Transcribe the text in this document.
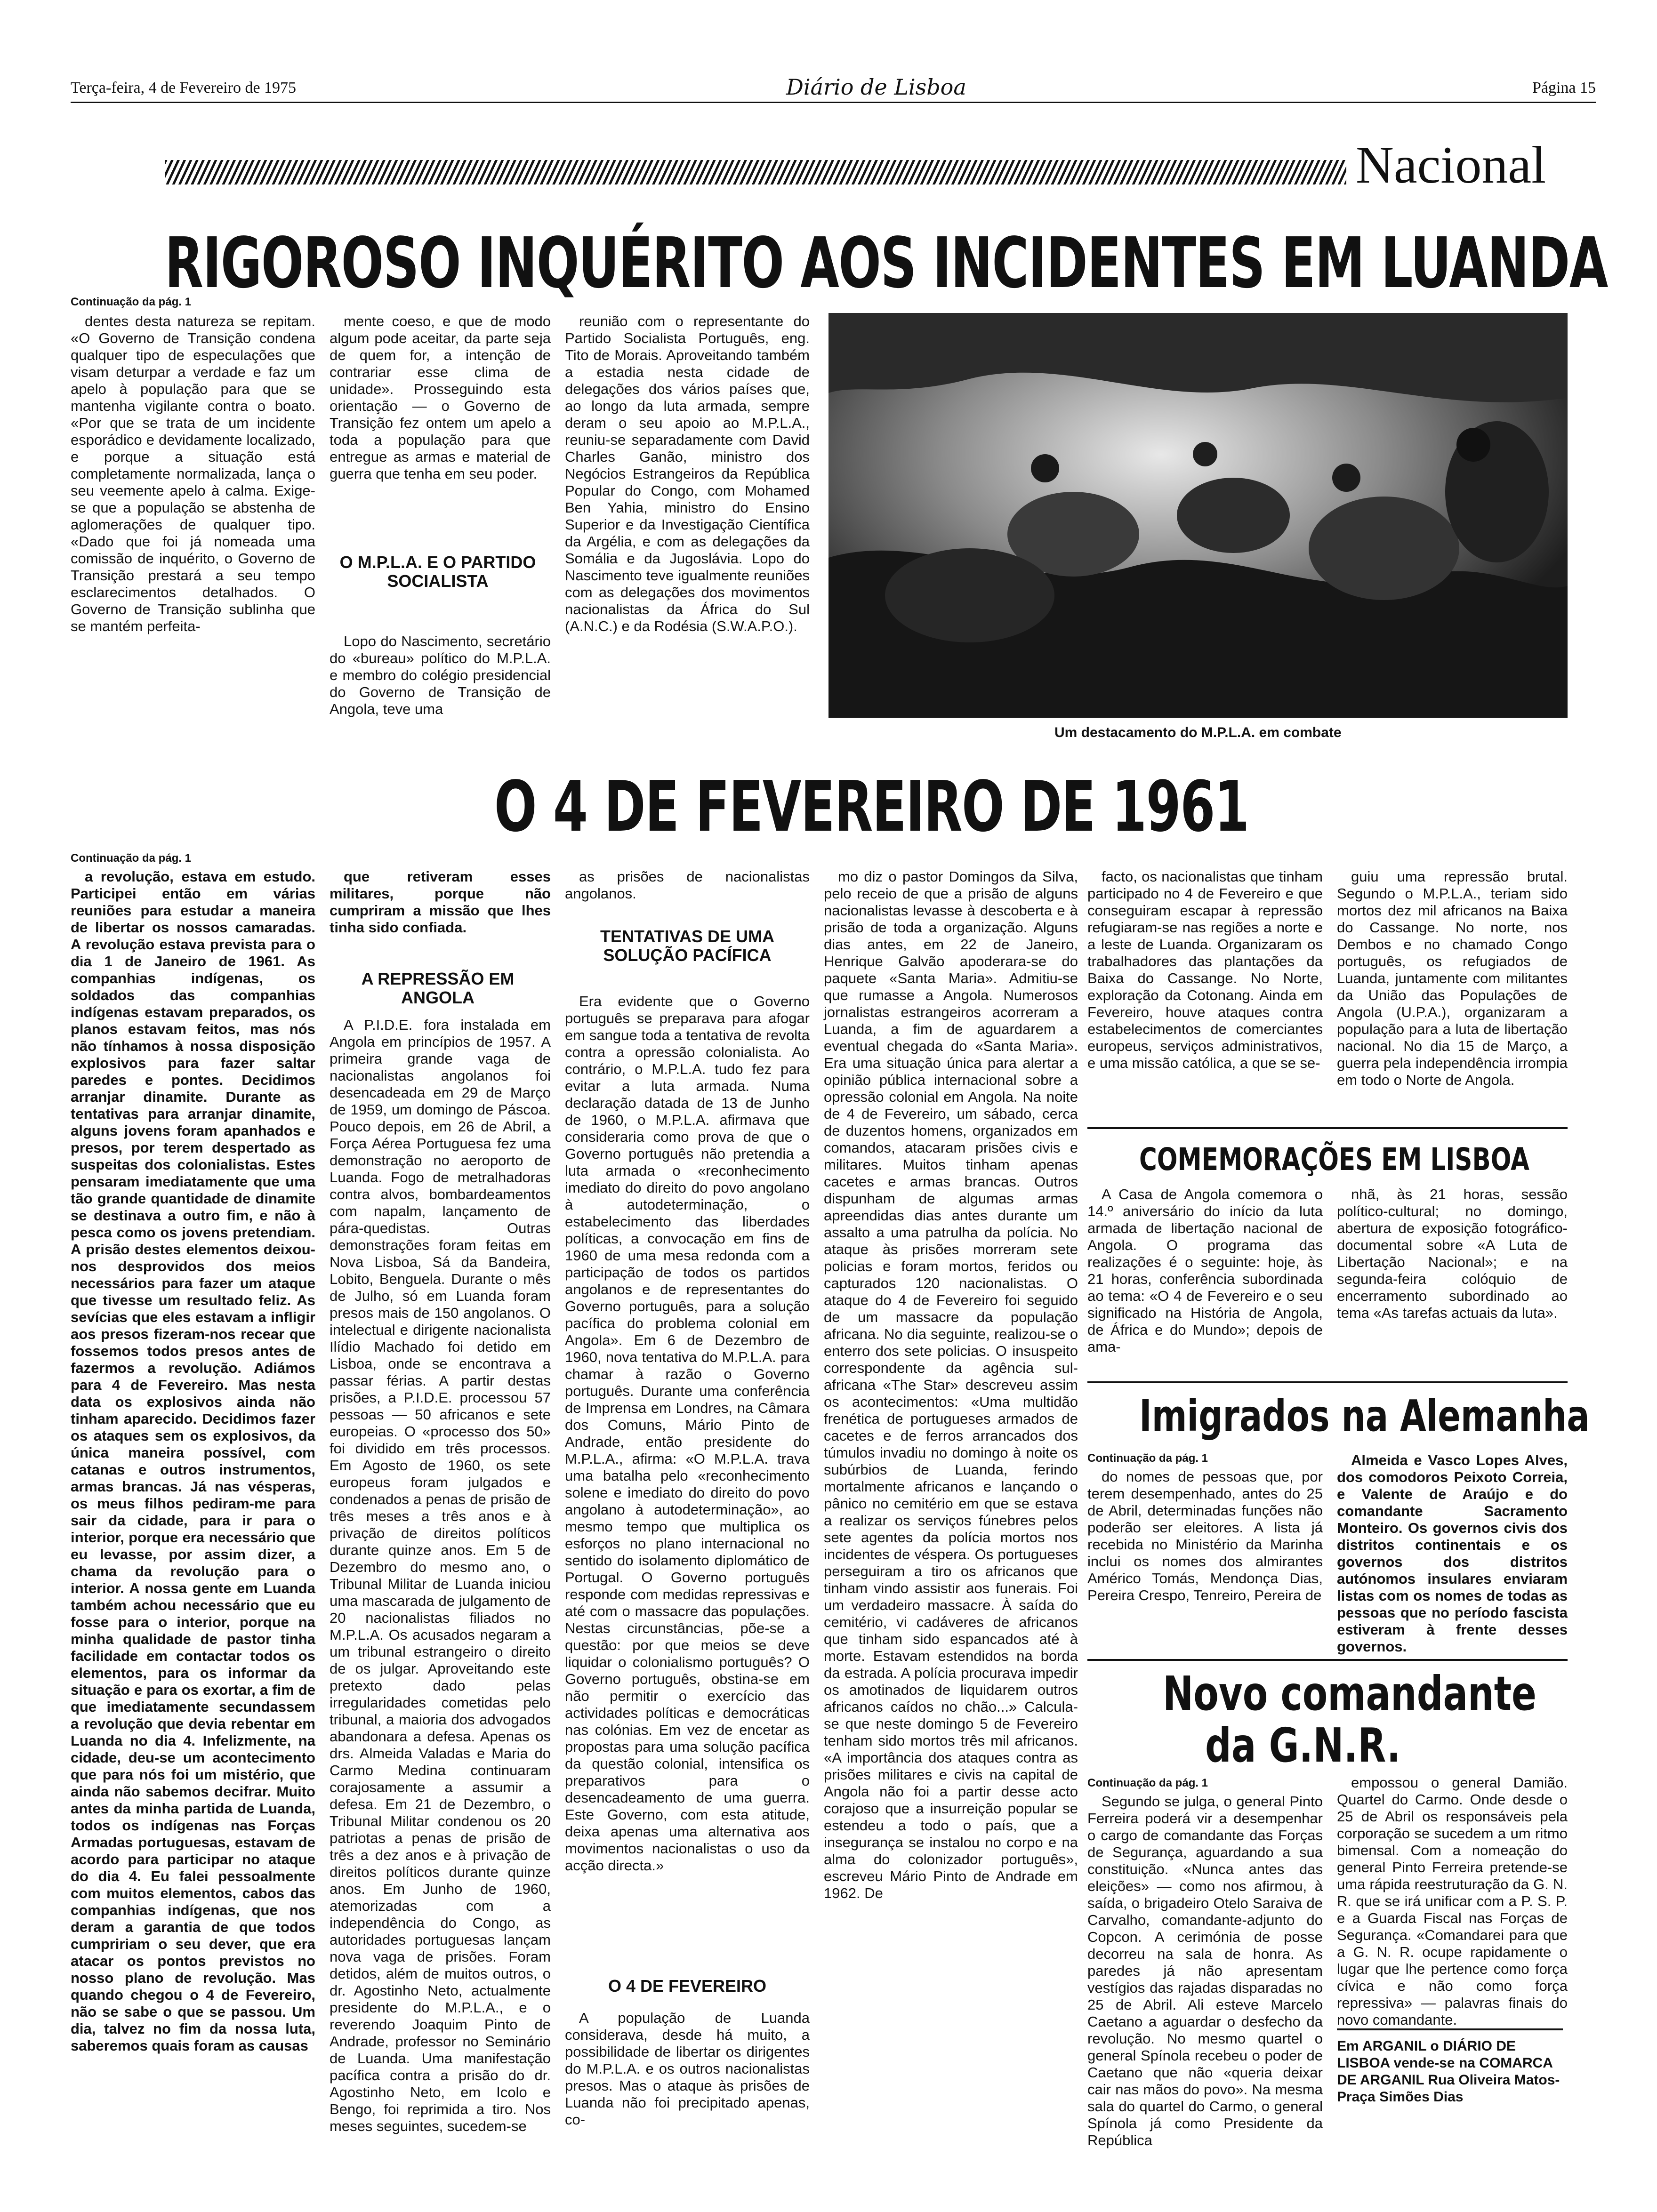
Terça-feira, 4 de Fevereiro de 1975	Diário de Lisboa	Página 15
Nacional
RIGOROSO INQUÉRITO AOS INCIDENTES EM LUANDA
Continuação da pág. 1

dentes desta natureza se repitam. «O Governo de Transição condena qualquer tipo de especulações que visam deturpar a verdade e faz um apelo à população para que se mantenha vigilante contra o boato. «Por que se trata de um incidente esporádico e devidamente localizado, e porque a situação está completamente normalizada, lança o seu veemente apelo à calma. Exige-se que a população se abstenha de aglomerações de qualquer tipo. «Dado que foi já nomeada uma comissão de inquérito, o Governo de Transição prestará a seu tempo esclarecimentos detalhados. O Governo de Transição sublinha que se mantém perfeita-

mente coeso, e que de modo algum pode aceitar, da parte seja de quem for, a intenção de contrariar esse clima de unidade». Prosseguindo esta orientação — o Governo de Transição fez ontem um apelo a toda a população para que entregue as armas e material de guerra que tenha em seu poder.

O M.P.L.A. E O PARTIDO SOCIALISTA

Lopo do Nascimento, secretário do «bureau» político do M.P.L.A. e membro do colégio presidencial do Governo de Transição de Angola, teve uma

reunião com o representante do Partido Socialista Português, eng. Tito de Morais. Aproveitando também a estadia nesta cidade de delegações dos vários países que, ao longo da luta armada, sempre deram o seu apoio ao M.P.L.A., reuniu-se separadamente com David Charles Ganão, ministro dos Negócios Estrangeiros da República Popular do Congo, com Mohamed Ben Yahia, ministro do Ensino Superior e da Investigação Científica da Argélia, e com as delegações da Somália e da Jugoslávia. Lopo do Nascimento teve igualmente reuniões com as delegações dos movimentos nacionalistas da África do Sul (A.N.C.) e da Rodésia (S.W.A.P.O.).

Um destacamento do M.P.L.A. em combate
O 4 DE FEVEREIRO DE 1961
Continuação da pág. 1

a revolução, estava em estudo. Participei então em várias reuniões para estudar a maneira de libertar os nossos camaradas. A revolução estava prevista para o dia 1 de Janeiro de 1961. As companhias indígenas, os soldados das companhias indígenas estavam preparados, os planos estavam feitos, mas nós não tínhamos à nossa disposição explosivos para fazer saltar paredes e pontes. Decidimos arranjar dinamite. Durante as tentativas para arranjar dinamite, alguns jovens foram apanhados e presos, por terem despertado as suspeitas dos colonialistas. Estes pensaram imediatamente que uma tão grande quantidade de dinamite se destinava a outro fim, e não à pesca como os jovens pretendiam. A prisão destes elementos deixou-nos desprovidos dos meios necessários para fazer um ataque que tivesse um resultado feliz. As sevícias que eles estavam a infligir aos presos fizeram-nos recear que fossemos todos presos antes de fazermos a revolução. Adiámos para 4 de Fevereiro. Mas nesta data os explosivos ainda não tinham aparecido. Decidimos fazer os ataques sem os explosivos, da única maneira possível, com catanas e outros instrumentos, armas brancas. Já nas vésperas, os meus filhos pediram-me para sair da cidade, para ir para o interior, porque era necessário que eu levasse, por assim dizer, a chama da revolução para o interior. A nossa gente em Luanda também achou necessário que eu fosse para o interior, porque na minha qualidade de pastor tinha facilidade em contactar todos os elementos, para os informar da situação e para os exortar, a fim de que imediatamente secundassem a revolução que devia rebentar em Luanda no dia 4. Infelizmente, na cidade, deu-se um acontecimento que para nós foi um mistério, que ainda não sabemos decifrar. Muito antes da minha partida de Luanda, todos os indígenas nas Forças Armadas portuguesas, estavam de acordo para participar no ataque do dia 4. Eu falei pessoalmente com muitos elementos, cabos das companhias indígenas, que nos deram a garantia de que todos cumpririam o seu dever, que era atacar os pontos previstos no nosso plano de revolução. Mas quando chegou o 4 de Fevereiro, não se sabe o que se passou. Um dia, talvez no fim da nossa luta, saberemos quais foram as causas

que retiveram esses militares, porque não cumpriram a missão que lhes tinha sido confiada.

A REPRESSÃO EM ANGOLA

A P.I.D.E. fora instalada em Angola em princípios de 1957. A primeira grande vaga de nacionalistas angolanos foi desencadeada em 29 de Março de 1959, um domingo de Páscoa. Pouco depois, em 26 de Abril, a Força Aérea Portuguesa fez uma demonstração no aeroporto de Luanda. Fogo de metralhadoras contra alvos, bombardeamentos com napalm, lançamento de pára-quedistas. Outras demonstrações foram feitas em Nova Lisboa, Sá da Bandeira, Lobito, Benguela. Durante o mês de Julho, só em Luanda foram presos mais de 150 angolanos. O intelectual e dirigente nacionalista Ilídio Machado foi detido em Lisboa, onde se encontrava a passar férias. A partir destas prisões, a P.I.D.E. processou 57 pessoas — 50 africanos e sete europeias. O «processo dos 50» foi dividido em três processos. Em Agosto de 1960, os sete europeus foram julgados e condenados a penas de prisão de três meses a três anos e à privação de direitos políticos durante quinze anos. Em 5 de Dezembro do mesmo ano, o Tribunal Militar de Luanda iniciou uma mascarada de julgamento de 20 nacionalistas filiados no M.P.L.A. Os acusados negaram a um tribunal estrangeiro o direito de os julgar. Aproveitando este pretexto dado pelas irregularidades cometidas pelo tribunal, a maioria dos advogados abandonara a defesa. Apenas os drs. Almeida Valadas e Maria do Carmo Medina continuaram corajosamente a assumir a defesa. Em 21 de Dezembro, o Tribunal Militar condenou os 20 patriotas a penas de prisão de três a dez anos e à privação de direitos políticos durante quinze anos. Em Junho de 1960, atemorizadas com a independência do Congo, as autoridades portuguesas lançam nova vaga de prisões. Foram detidos, além de muitos outros, o dr. Agostinho Neto, actualmente presidente do M.P.L.A., e o reverendo Joaquim Pinto de Andrade, professor no Seminário de Luanda. Uma manifestação pacífica contra a prisão do dr. Agostinho Neto, em Icolo e Bengo, foi reprimida a tiro. Nos meses seguintes, sucedem-se

as prisões de nacionalistas angolanos.

TENTATIVAS DE UMA SOLUÇÃO PACÍFICA

Era evidente que o Governo português se preparava para afogar em sangue toda a tentativa de revolta contra a opressão colonialista. Ao contrário, o M.P.L.A. tudo fez para evitar a luta armada. Numa declaração datada de 13 de Junho de 1960, o M.P.L.A. afirmava que consideraria como prova de que o Governo português não pretendia a luta armada o «reconhecimento imediato do direito do povo angolano à autodeterminação, o estabelecimento das liberdades políticas, a convocação em fins de 1960 de uma mesa redonda com a participação de todos os partidos angolanos e de representantes do Governo português, para a solução pacífica do problema colonial em Angola». Em 6 de Dezembro de 1960, nova tentativa do M.P.L.A. para chamar à razão o Governo português. Durante uma conferência de Imprensa em Londres, na Câmara dos Comuns, Mário Pinto de Andrade, então presidente do M.P.L.A., afirma: «O M.P.L.A. trava uma batalha pelo «reconhecimento solene e imediato do direito do povo angolano à autodeterminação», ao mesmo tempo que multiplica os esforços no plano internacional no sentido do isolamento diplomático de Portugal. O Governo português responde com medidas repressivas e até com o massacre das populações. Nestas circunstâncias, põe-se a questão: por que meios se deve liquidar o colonialismo português? O Governo português, obstina-se em não permitir o exercício das actividades políticas e democráticas nas colónias. Em vez de encetar as propostas para uma solução pacífica da questão colonial, intensifica os preparativos para o desencadeamento de uma guerra. Este Governo, com esta atitude, deixa apenas uma alternativa aos movimentos nacionalistas o uso da acção directa.»

O 4 DE FEVEREIRO

A população de Luanda considerava, desde há muito, a possibilidade de libertar os dirigentes do M.P.L.A. e os outros nacionalistas presos. Mas o ataque às prisões de Luanda não foi precipitado apenas, co-

mo diz o pastor Domingos da Silva, pelo receio de que a prisão de alguns nacionalistas levasse à descoberta e à prisão de toda a organização. Alguns dias antes, em 22 de Janeiro, Henrique Galvão apoderara-se do paquete «Santa Maria». Admitiu-se que rumasse a Angola. Numerosos jornalistas estrangeiros acorreram a Luanda, a fim de aguardarem a eventual chegada do «Santa Maria». Era uma situação única para alertar a opinião pública internacional sobre a opressão colonial em Angola. Na noite de 4 de Fevereiro, um sábado, cerca de duzentos homens, organizados em comandos, atacaram prisões civis e militares. Muitos tinham apenas cacetes e armas brancas. Outros dispunham de algumas armas apreendidas dias antes durante um assalto a uma patrulha da polícia. No ataque às prisões morreram sete policias e foram mortos, feridos ou capturados 120 nacionalistas. O ataque do 4 de Fevereiro foi seguido de um massacre da população africana. No dia seguinte, realizou-se o enterro dos sete policias. O insuspeito correspondente da agência sul-africana «The Star» descreveu assim os acontecimentos: «Uma multidão frenética de portugueses armados de cacetes e de ferros arrancados dos túmulos invadiu no domingo à noite os subúrbios de Luanda, ferindo mortalmente africanos e lançando o pânico no cemitério em que se estava a realizar os serviços fúnebres pelos sete agentes da polícia mortos nos incidentes de véspera. Os portugueses perseguiram a tiro os africanos que tinham vindo assistir aos funerais. Foi um verdadeiro massacre. À saída do cemitério, vi cadáveres de africanos que tinham sido espancados até à morte. Estavam estendidos na borda da estrada. A polícia procurava impedir os amotinados de liquidarem outros africanos caídos no chão...» Calcula-se que neste domingo 5 de Fevereiro tenham sido mortos três mil africanos. «A importância dos ataques contra as prisões militares e civis na capital de Angola não foi a partir desse acto corajoso que a insurreição popular se estendeu a todo o país, que a insegurança se instalou no corpo e na alma do colonizador português», escreveu Mário Pinto de Andrade em 1962. De

facto, os nacionalistas que tinham participado no 4 de Fevereiro e que conseguiram escapar à repressão refugiaram-se nas regiões a norte e a leste de Luanda. Organizaram os trabalhadores das plantações da Baixa do Cassange. No Norte, exploração da Cotonang. Ainda em Fevereiro, houve ataques contra estabelecimentos de comerciantes europeus, serviços administrativos, e uma missão católica, a que se se-

guiu uma repressão brutal. Segundo o M.P.L.A., teriam sido mortos dez mil africanos na Baixa do Cassange. No norte, nos Dembos e no chamado Congo português, os refugiados de Luanda, juntamente com militantes da União das Populações de Angola (U.P.A.), organizaram a população para a luta de libertação nacional. No dia 15 de Março, a guerra pela independência irrompia em todo o Norte de Angola.

COMEMORAÇÕES EM LISBOA

A Casa de Angola comemora o 14.º aniversário do início da luta armada de libertação nacional de Angola. O programa das realizações é o seguinte: hoje, às 21 horas, conferência subordinada ao tema: «O 4 de Fevereiro e o seu significado na História de Angola, de África e do Mundo»; depois de ama-

nhã, às 21 horas, sessão político-cultural; no domingo, abertura de exposição fotográfico-documental sobre «A Luta de Libertação Nacional»; e na segunda-feira colóquio de encerramento subordinado ao tema «As tarefas actuais da luta».

Imigrados na Alemanha
Continuação da pág. 1

do nomes de pessoas que, por terem desempenhado, antes do 25 de Abril, determinadas funções não poderão ser eleitores. A lista já recebida no Ministério da Marinha inclui os nomes dos almirantes Américo Tomás, Mendonça Dias, Pereira Crespo, Tenreiro, Pereira de

Almeida e Vasco Lopes Alves, dos comodoros Peixoto Correia, e Valente de Araújo e do comandante Sacramento Monteiro. Os governos civis dos distritos continentais e os governos dos distritos autónomos insulares enviaram listas com os nomes de todas as pessoas que no período fascista estiveram à frente desses governos.

Novo comandante
da G.N.R.
Continuação da pág. 1

Segundo se julga, o general Pinto Ferreira poderá vir a desempenhar o cargo de comandante das Forças de Segurança, aguardando a sua constituição. «Nunca antes das eleições» — como nos afirmou, à saída, o brigadeiro Otelo Saraiva de Carvalho, comandante-adjunto do Copcon. A cerimónia de posse decorreu na sala de honra. As paredes já não apresentam vestígios das rajadas disparadas no 25 de Abril. Ali esteve Marcelo Caetano a aguardar o desfecho da revolução. No mesmo quartel o general Spínola recebeu o poder de Caetano que não «queria deixar cair nas mãos do povo». Na mesma sala do quartel do Carmo, o general Spínola já como Presidente da República

empossou o general Damião. Quartel do Carmo. Onde desde o 25 de Abril os responsáveis pela corporação se sucedem a um ritmo bimensal. Com a nomeação do general Pinto Ferreira pretende-se uma rápida reestruturação da G. N. R. que se irá unificar com a P. S. P. e a Guarda Fiscal nas Forças de Segurança. «Comandarei para que a G. N. R. ocupe rapidamente o lugar que lhe pertence como força cívica e não como força repressiva» — palavras finais do novo comandante.

Em ARGANIL o DIÁRIO DE LISBOA vende-se na COMARCA DE ARGANIL Rua Oliveira Matos-Praça Simões Dias
